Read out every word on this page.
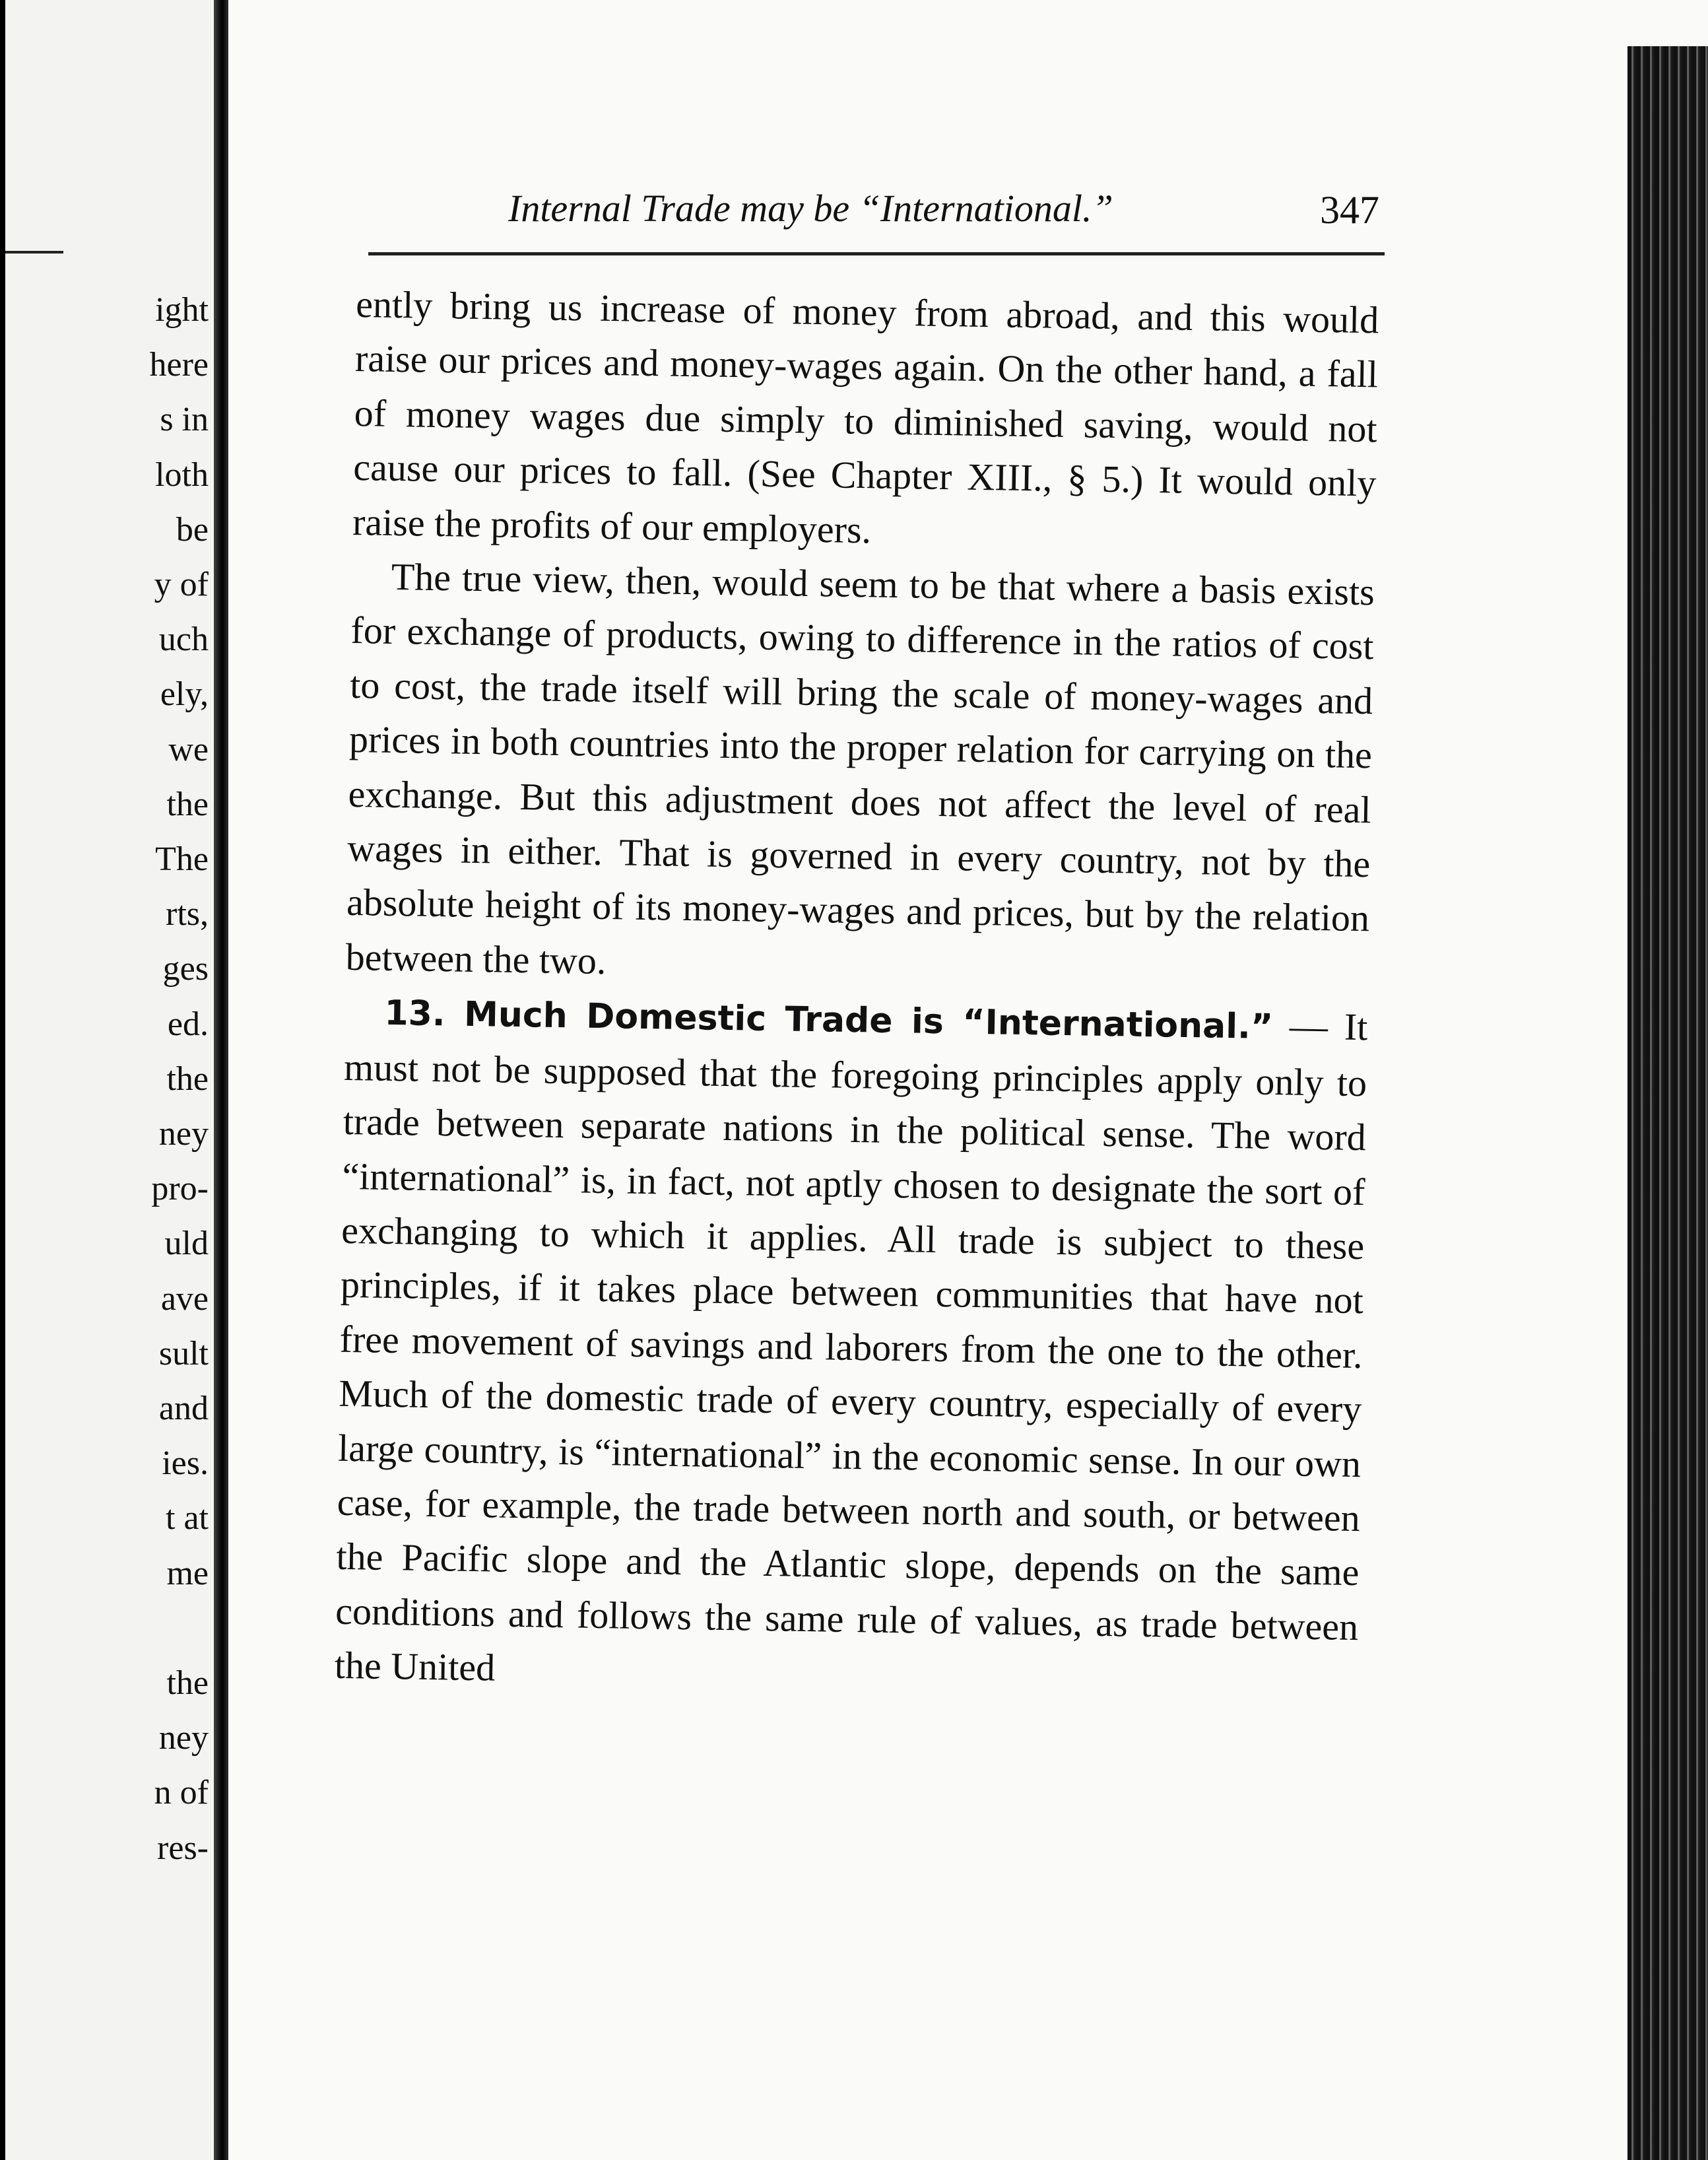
ight
here
s in
loth
be
y of
uch
ely,
we
the
The
rts,
ges
ed.
the
ney
pro-
uld
ave
sult
and
ies.
t at
me
the
ney
n of
res-
Internal Trade may be “International.”	347

ently bring us increase of money from abroad, and this would raise our prices and money-wages again. On the other hand, a fall of money wages due simply to diminished saving, would not cause our prices to fall. (See Chapter XIII., § 5.) It would only raise the profits of our employers.

The true view, then, would seem to be that where a basis exists for exchange of products, owing to difference in the ratios of cost to cost, the trade itself will bring the scale of money-wages and prices in both countries into the proper relation for carrying on the exchange. But this adjustment does not affect the level of real wages in either. That is governed in every country, not by the absolute height of its money-wages and prices, but by the relation between the two.

13. Much Domestic Trade is “International.” — It must not be supposed that the foregoing principles apply only to trade between separate nations in the political sense. The word “international” is, in fact, not aptly chosen to designate the sort of exchanging to which it applies. All trade is subject to these principles, if it takes place between communities that have not free movement of savings and laborers from the one to the other. Much of the domestic trade of every country, especially of every large country, is “international” in the economic sense. In our own case, for example, the trade between north and south, or between the Pacific slope and the Atlantic slope, depends on the same conditions and follows the same rule of values, as trade between the United
